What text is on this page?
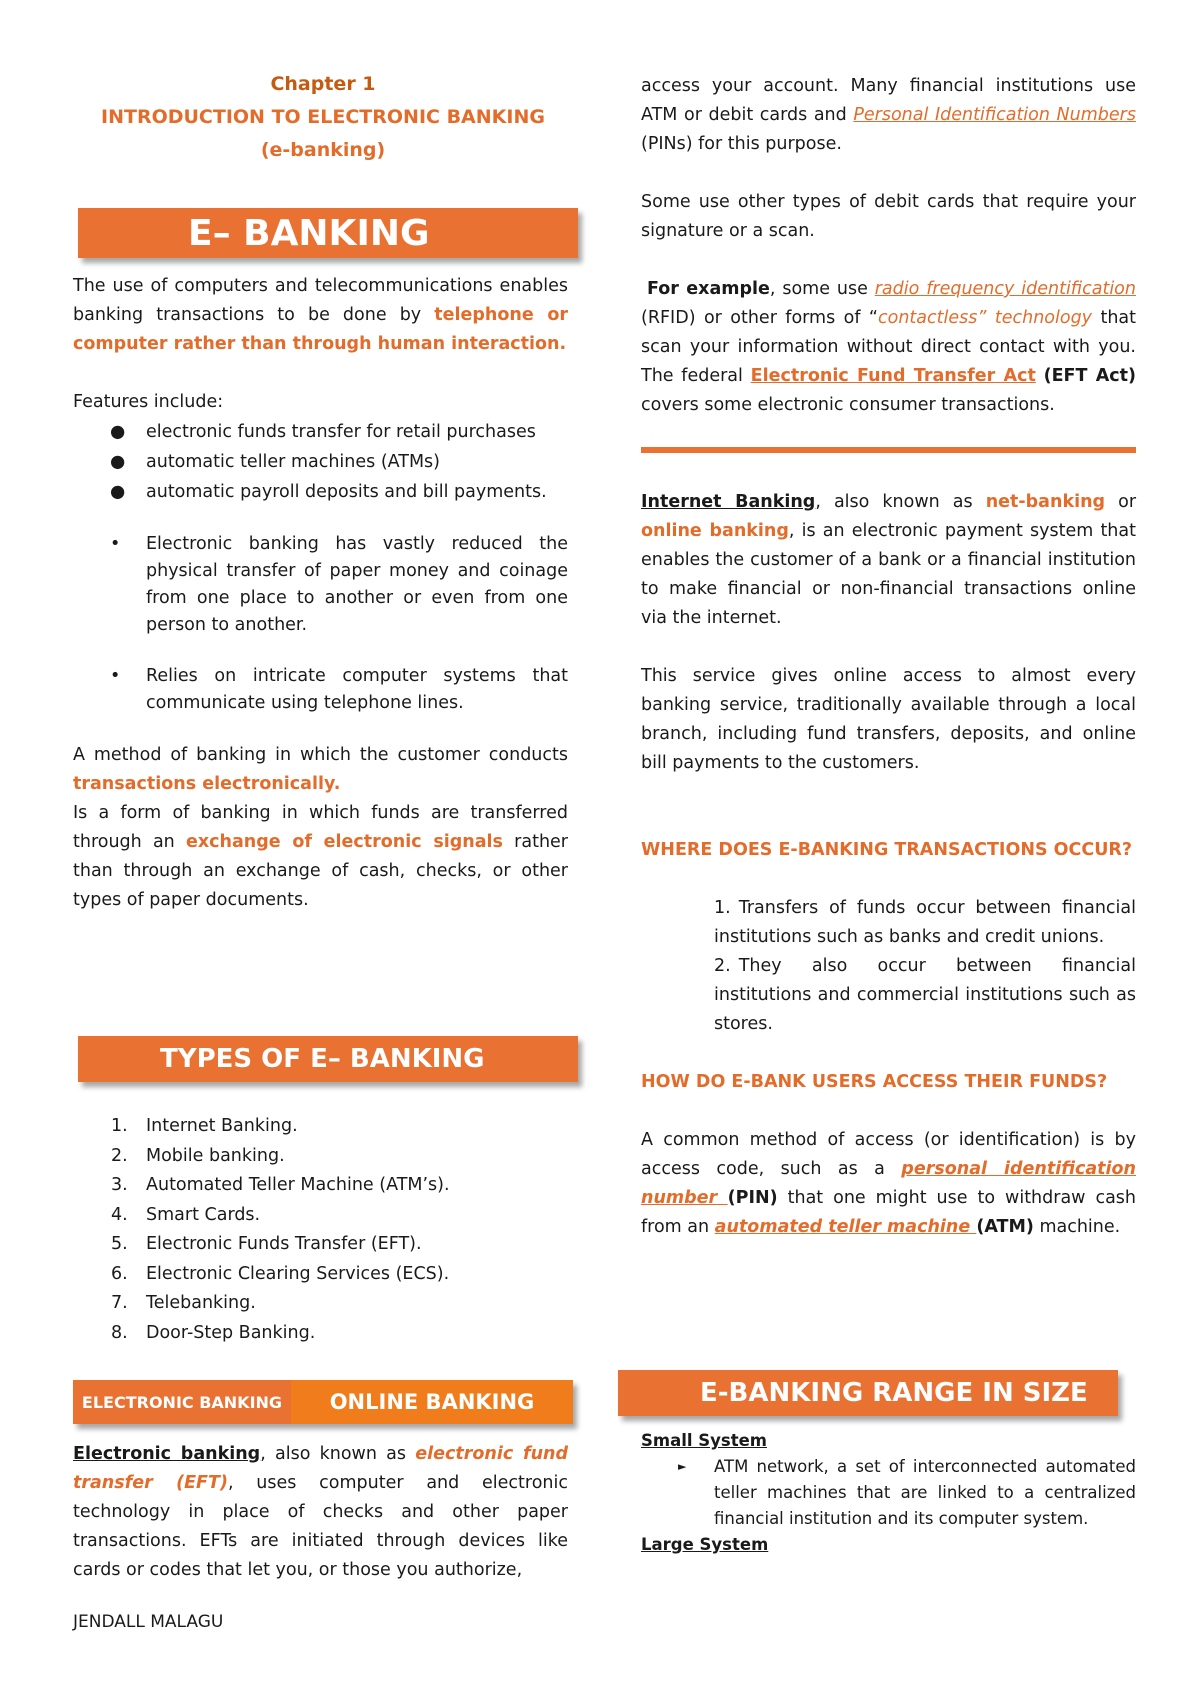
Chapter 1
INTRODUCTION TO ELECTRONIC BANKING
(e-banking)
E– BANKING

The use of computers and telecommunications enables banking transactions to be done by telephone or computer rather than through human interaction.

Features include:

● electronic funds transfer for retail purchases
● automatic teller machines (ATMs)
● automatic payroll deposits and bill payments.
• Electronic banking has vastly reduced the physical transfer of paper money and coinage from one place to another or even from one person to another.
• Relies on intricate computer systems that communicate using telephone lines.

A method of banking in which the customer conducts transactions electronically.

Is a form of banking in which funds are transferred through an exchange of electronic signals rather than through an exchange of cash, checks, or other types of paper documents.

TYPES OF E– BANKING
1. Internet Banking.
2. Mobile banking.
3. Automated Teller Machine (ATM’s).
4. Smart Cards.
5. Electronic Funds Transfer (EFT).
6. Electronic Clearing Services (ECS).
7. Telebanking.
8. Door-Step Banking.
ELECTRONIC BANKING ONLINE BANKING

Electronic banking, also known as electronic fund transfer (EFT), uses computer and electronic technology in place of checks and other paper transactions. EFTs are initiated through devices like cards or codes that let you, or those you authorize,

JENDALL MALAGU

access your account. Many financial institutions use ATM or debit cards and Personal Identification Numbers (PINs) for this purpose.

Some use other types of debit cards that require your signature or a scan.

For example, some use radio frequency identification (RFID) or other forms of “contactless” technology that scan your information without direct contact with you. The federal Electronic Fund Transfer Act (EFT Act) covers some electronic consumer transactions.

Internet Banking, also known as net-banking or online banking, is an electronic payment system that enables the customer of a bank or a financial institution to make financial or non-financial transactions online via the internet.

This service gives online access to almost every banking service, traditionally available through a local branch, including fund transfers, deposits, and online bill payments to the customers.

WHERE DOES E-BANKING TRANSACTIONS OCCUR?

1. Transfers of funds occur between financial institutions such as banks and credit unions.
2. They also occur between financial institutions and commercial institutions such as stores.

HOW DO E-BANK USERS ACCESS THEIR FUNDS?

A common method of access (or identification) is by access code, such as a personal identification number (PIN) that one might use to withdraw cash from an automated teller machine (ATM) machine.

E-BANKING RANGE IN SIZE
Small System
► ATM network, a set of interconnected automated teller machines that are linked to a centralized financial institution and its computer system.
Large System
